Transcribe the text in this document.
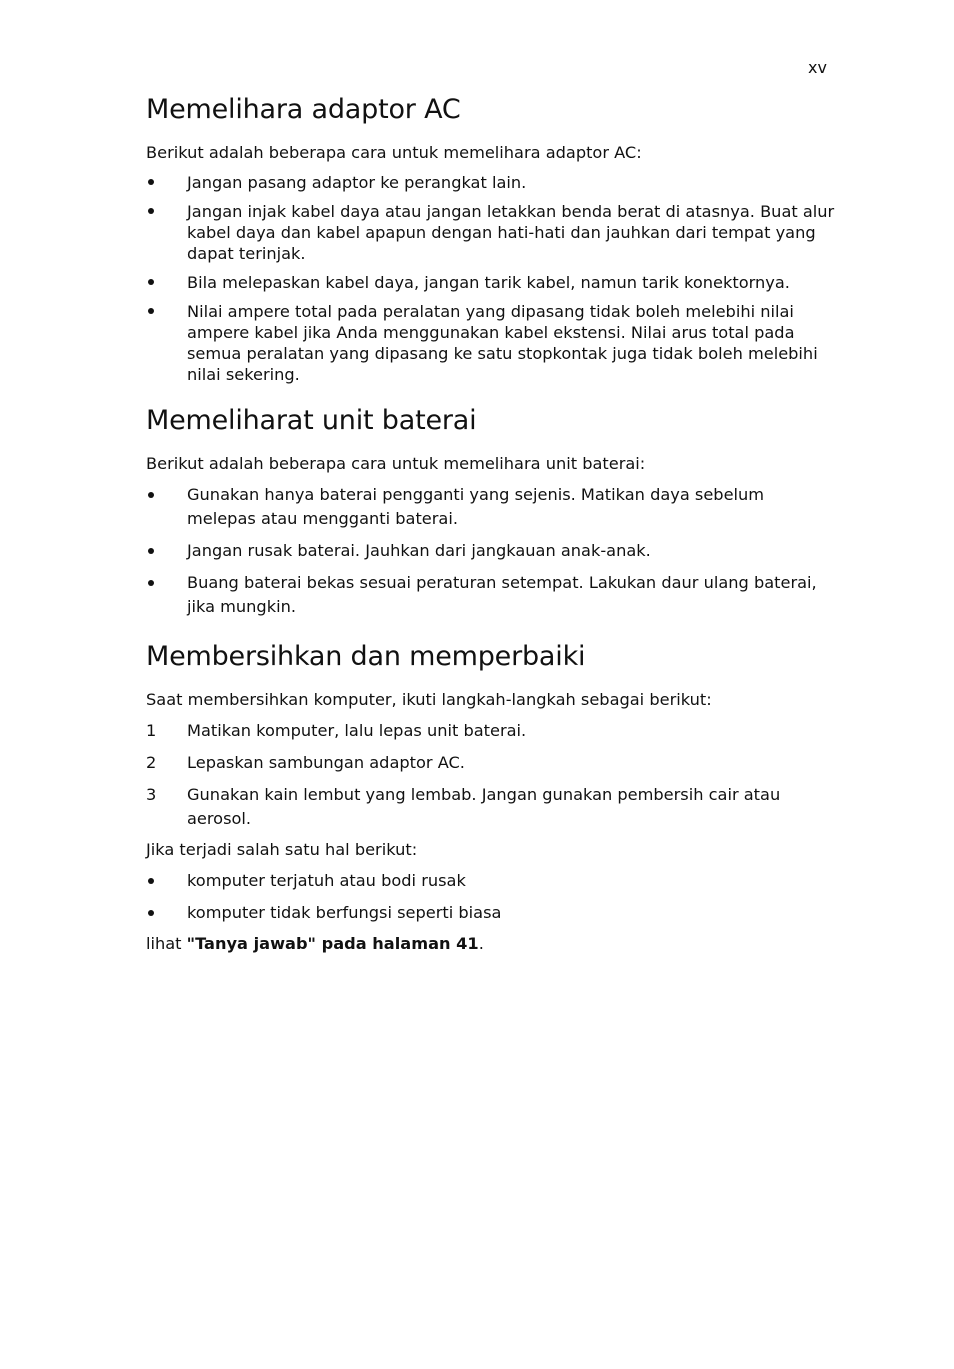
xv
Memelihara adaptor AC

Berikut adalah beberapa cara untuk memelihara adaptor AC:

Jangan pasang adaptor ke perangkat lain.
Jangan injak kabel daya atau jangan letakkan benda berat di atasnya. Buat alur kabel daya dan kabel apapun dengan hati-hati dan jauhkan dari tempat yang dapat terinjak.
Bila melepaskan kabel daya, jangan tarik kabel, namun tarik konektornya.
Nilai ampere total pada peralatan yang dipasang tidak boleh melebihi nilai ampere kabel jika Anda menggunakan kabel ekstensi. Nilai arus total pada semua peralatan yang dipasang ke satu stopkontak juga tidak boleh melebihi nilai sekering.
Memeliharat unit baterai

Berikut adalah beberapa cara untuk memelihara unit baterai:

Gunakan hanya baterai pengganti yang sejenis. Matikan daya sebelum melepas atau mengganti baterai.
Jangan rusak baterai. Jauhkan dari jangkauan anak-anak.
Buang baterai bekas sesuai peraturan setempat. Lakukan daur ulang baterai, jika mungkin.
Membersihkan dan memperbaiki

Saat membersihkan komputer, ikuti langkah-langkah sebagai berikut:

1	Matikan komputer, lalu lepas unit baterai.
2	Lepaskan sambungan adaptor AC.
3	Gunakan kain lembut yang lembab. Jangan gunakan pembersih cair atau aerosol.

Jika terjadi salah satu hal berikut:

komputer terjatuh atau bodi rusak
komputer tidak berfungsi seperti biasa

lihat "Tanya jawab" pada halaman 41.
